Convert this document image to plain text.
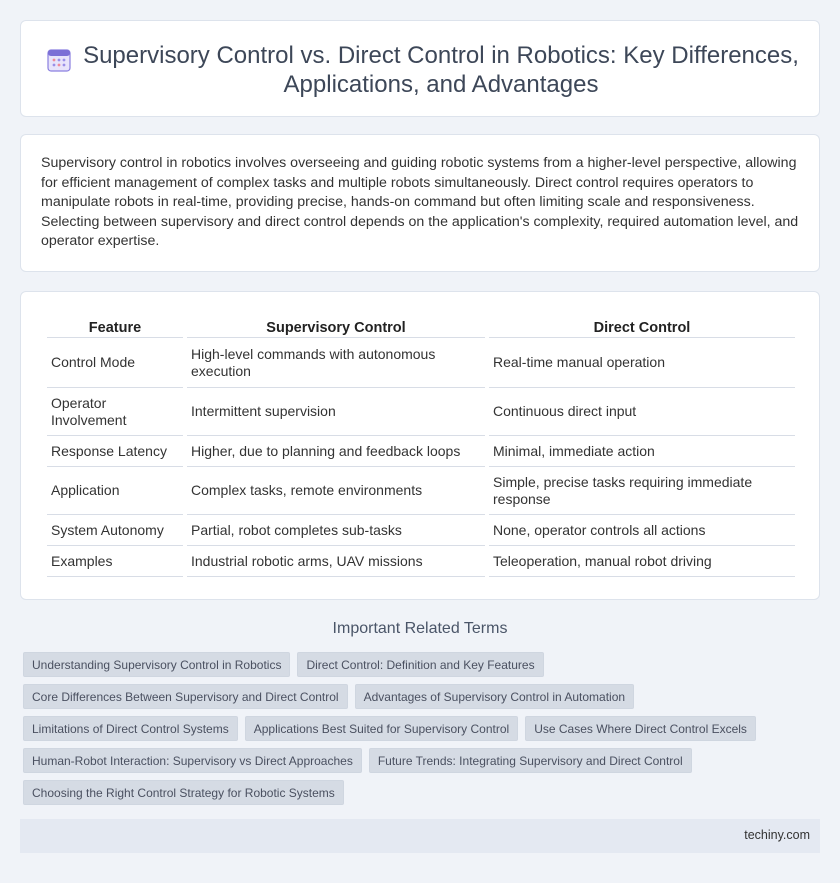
Supervisory Control vs. Direct Control in Robotics: Key Differences, Applications, and Advantages

Supervisory control in robotics involves overseeing and guiding robotic systems from a higher-level perspective, allowing for efficient management of complex tasks and multiple robots simultaneously. Direct control requires operators to manipulate robots in real-time, providing precise, hands-on command but often limiting scale and responsiveness. Selecting between supervisory and direct control depends on the application's complexity, required automation level, and operator expertise.

Feature	Supervisory Control	Direct Control
Control Mode	High-level commands with autonomous execution	Real-time manual operation
Operator Involvement	Intermittent supervision	Continuous direct input
Response Latency	Higher, due to planning and feedback loops	Minimal, immediate action
Application	Complex tasks, remote environments	Simple, precise tasks requiring immediate response
System Autonomy	Partial, robot completes sub-tasks	None, operator controls all actions
Examples	Industrial robotic arms, UAV missions	Teleoperation, manual robot driving
Important Related Terms
Understanding Supervisory Control in Robotics	Direct Control: Definition and Key Features
Core Differences Between Supervisory and Direct Control	Advantages of Supervisory Control in Automation
Limitations of Direct Control Systems	Applications Best Suited for Supervisory Control	Use Cases Where Direct Control Excels
Human-Robot Interaction: Supervisory vs Direct Approaches	Future Trends: Integrating Supervisory and Direct Control
Choosing the Right Control Strategy for Robotic Systems
techiny.com
